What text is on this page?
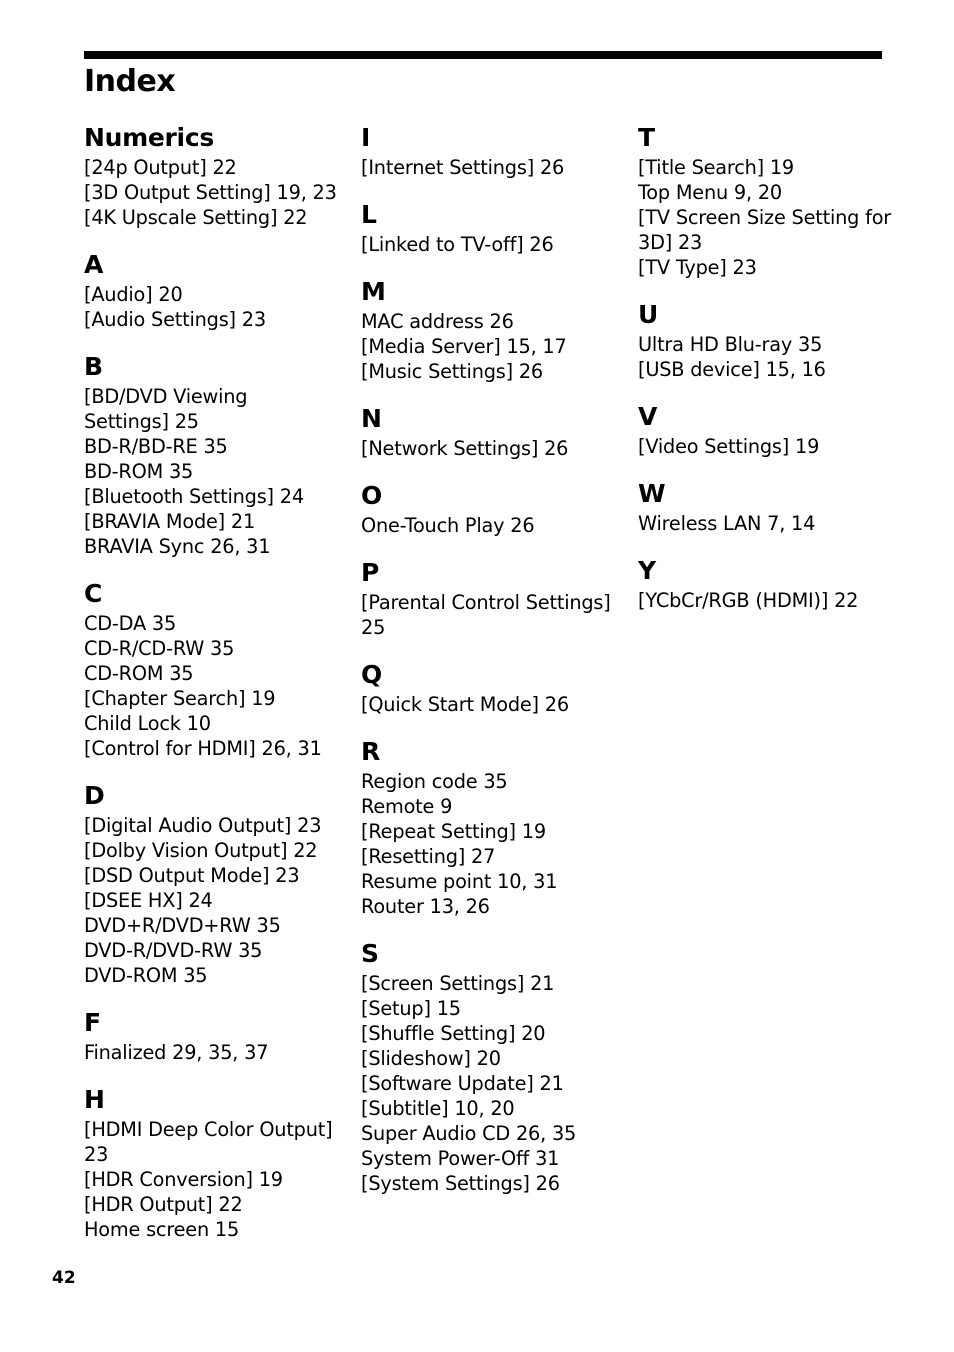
Index
Numerics
[24p Output] 22
[3D Output Setting] 19, 23
[4K Upscale Setting] 22
A
[Audio] 20
[Audio Settings] 23
B
[BD/DVD Viewing
Settings] 25
BD-R/BD-RE 35
BD-ROM 35
[Bluetooth Settings] 24
[BRAVIA Mode] 21
BRAVIA Sync 26, 31
C
CD-DA 35
CD-R/CD-RW 35
CD-ROM 35
[Chapter Search] 19
Child Lock 10
[Control for HDMI] 26, 31
D
[Digital Audio Output] 23
[Dolby Vision Output] 22
[DSD Output Mode] 23
[DSEE HX] 24
DVD+R/DVD+RW 35
DVD-R/DVD-RW 35
DVD-ROM 35
F
Finalized 29, 35, 37
H
[HDMI Deep Color Output]
23
[HDR Conversion] 19
[HDR Output] 22
Home screen 15
I
[Internet Settings] 26
L
[Linked to TV-off] 26
M
MAC address 26
[Media Server] 15, 17
[Music Settings] 26
N
[Network Settings] 26
O
One-Touch Play 26
P
[Parental Control Settings]
25
Q
[Quick Start Mode] 26
R
Region code 35
Remote 9
[Repeat Setting] 19
[Resetting] 27
Resume point 10, 31
Router 13, 26
S
[Screen Settings] 21
[Setup] 15
[Shuffle Setting] 20
[Slideshow] 20
[Software Update] 21
[Subtitle] 10, 20
Super Audio CD 26, 35
System Power-Off 31
[System Settings] 26
T
[Title Search] 19
Top Menu 9, 20
[TV Screen Size Setting for
3D] 23
[TV Type] 23
U
Ultra HD Blu-ray 35
[USB device] 15, 16
V
[Video Settings] 19
W
Wireless LAN 7, 14
Y
[YCbCr/RGB (HDMI)] 22
42
